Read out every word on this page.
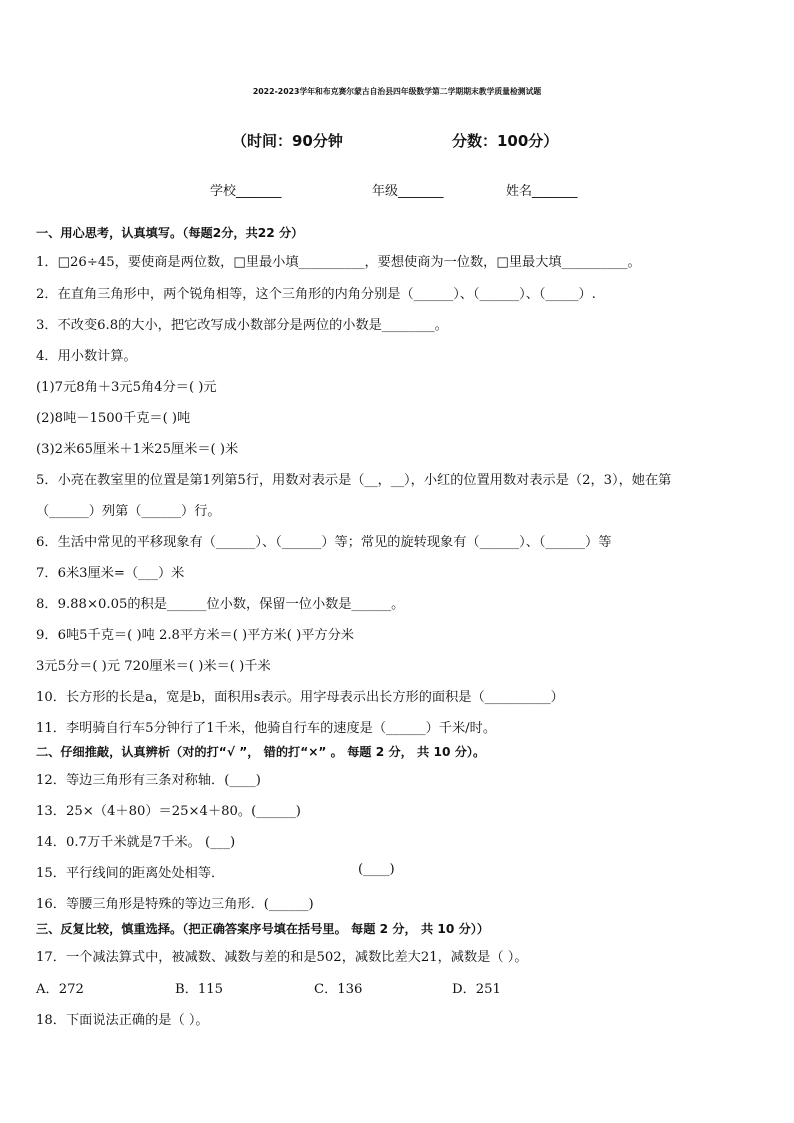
2022-2023学年和布克赛尔蒙古自治县四年级数学第二学期期末教学质量检测试题
（时间：90分钟	分数：100分）
学校_______	年级_______	姓名_______
一、用心思考，认真填写。（每题2分，共22 分）
1．□26÷45，要使商是两位数，□里最小填__________，要想使商为一位数，□里最大填__________。
2．在直角三角形中，两个锐角相等，这个三角形的内角分别是（______）、（______）、（_____）.
3．不改变6.8的大小，把它改写成小数部分是两位的小数是________。
4．用小数计算。
(1)7元8角＋3元5角4分＝( )元
(2)8吨－1500千克＝( )吨
(3)2米65厘米＋1米25厘米＝( )米
5．小亮在教室里的位置是第1列第5行，用数对表示是（__，__），小红的位置用数对表示是（2，3），她在第
（______）列第（______）行。
6．生活中常见的平移现象有（______）、（______）等；常见的旋转现象有（______）、（______）等
7．6米3厘米=（___）米
8．9.88×0.05的积是______位小数，保留一位小数是______。
9．6吨5千克＝( )吨 2.8平方米＝( )平方米( )平方分米
3元5分＝( )元 720厘米＝( )米＝( )千米
10．长方形的长是a，宽是b，面积用s表示。用字母表示出长方形的面积是（__________）
11．李明骑自行车5分钟行了1千米，他骑自行车的速度是（______）千米/时。
二、仔细推敲，认真辨析（对的打“√ ”， 错的打“×” 。 每题 2 分， 共 10 分）。
12．等边三角形有三条对称轴．(____)
13．25×（4＋80）＝25×4＋80。(______)
14．0.7万千米就是7千米。 (___)
15．平行线间的距离处处相等．	(____)
16．等腰三角形是特殊的等边三角形．(______)
三、反复比较，慎重选择。（把正确答案序号填在括号里。 每题 2 分， 共 10 分））
17．一个减法算式中，被减数、减数与差的和是502，减数比差大21，减数是（ ）。
A．272	B．115	C．136	D．251
18．下面说法正确的是（ ）。
